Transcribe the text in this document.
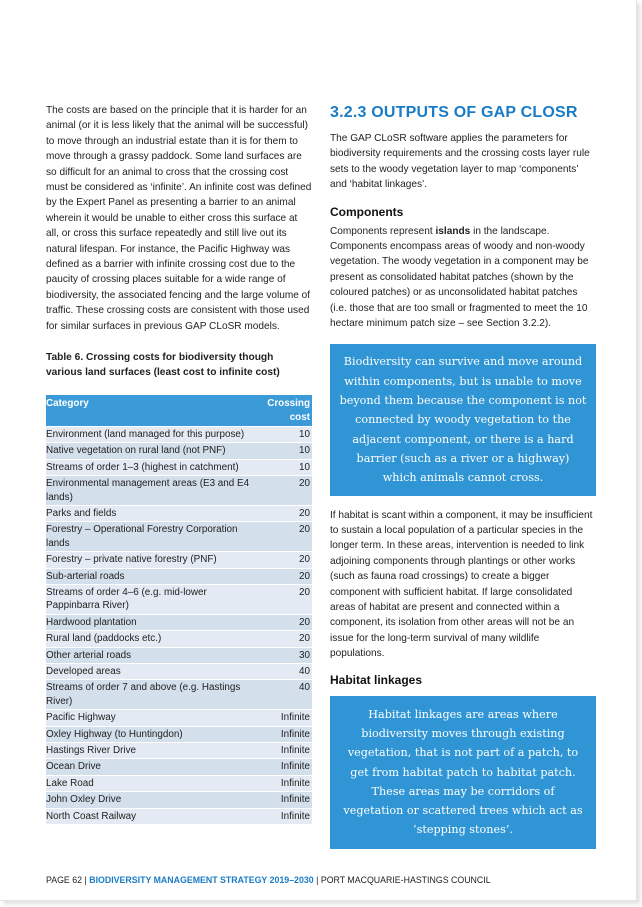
The costs are based on the principle that it is harder for an animal (or it is less likely that the animal will be successful) to move through an industrial estate than it is for them to move through a grassy paddock. Some land surfaces are so difficult for an animal to cross that the crossing cost must be considered as ‘infinite’. An infinite cost was defined by the Expert Panel as presenting a barrier to an animal wherein it would be unable to either cross this surface at all, or cross this surface repeatedly and still live out its natural lifespan. For instance, the Pacific Highway was defined as a barrier with infinite crossing cost due to the paucity of crossing places suitable for a wide range of biodiversity, the associated fencing and the large volume of traffic. These crossing costs are consistent with those used for similar surfaces in previous GAP CLoSR models.

Table 6. Crossing costs for biodiversity though various land surfaces (least cost to infinite cost)

Category	Crossing cost
Environment (land managed for this purpose)	10
Native vegetation on rural land (not PNF)	10
Streams of order 1–3 (highest in catchment)	10
Environmental management areas (E3 and E4 lands)	20
Parks and fields	20
Forestry – Operational Forestry Corporation lands	20
Forestry – private native forestry (PNF)	20
Sub-arterial roads	20
Streams of order 4–6 (e.g. mid-lower Pappinbarra River)	20
Hardwood plantation	20
Rural land (paddocks etc.)	20
Other arterial roads	30
Developed areas	40
Streams of order 7 and above (e.g. Hastings River)	40
Pacific Highway	Infinite
Oxley Highway (to Huntingdon)	Infinite
Hastings River Drive	Infinite
Ocean Drive	Infinite
Lake Road	Infinite
John Oxley Drive	Infinite
North Coast Railway	Infinite
3.2.3 OUTPUTS OF GAP CLOSR

The GAP CLoSR software applies the parameters for biodiversity requirements and the crossing costs layer rule sets to the woody vegetation layer to map ‘components’ and ‘habitat linkages’.

Components

Components represent islands in the landscape. Components encompass areas of woody and non-woody vegetation. The woody vegetation in a component may be present as consolidated habitat patches (shown by the coloured patches) or as unconsolidated habitat patches (i.e. those that are too small or fragmented to meet the 10 hectare minimum patch size – see Section 3.2.2).

Biodiversity can survive and move around within components, but is unable to move beyond them because the component is not connected by woody vegetation to the adjacent component, or there is a hard barrier (such as a river or a highway) which animals cannot cross.

If habitat is scant within a component, it may be insufficient to sustain a local population of a particular species in the longer term. In these areas, intervention is needed to link adjoining components through plantings or other works (such as fauna road crossings) to create a bigger component with sufficient habitat. If large consolidated areas of habitat are present and connected within a component, its isolation from other areas will not be an issue for the long-term survival of many wildlife populations.

Habitat linkages
Habitat linkages are areas where biodiversity moves through existing vegetation, that is not part of a patch, to get from habitat patch to habitat patch. These areas may be corridors of vegetation or scattered trees which act as ‘stepping stones’.
PAGE 62 | BIODIVERSITY MANAGEMENT STRATEGY 2019–2030 | PORT MACQUARIE-HASTINGS COUNCIL
